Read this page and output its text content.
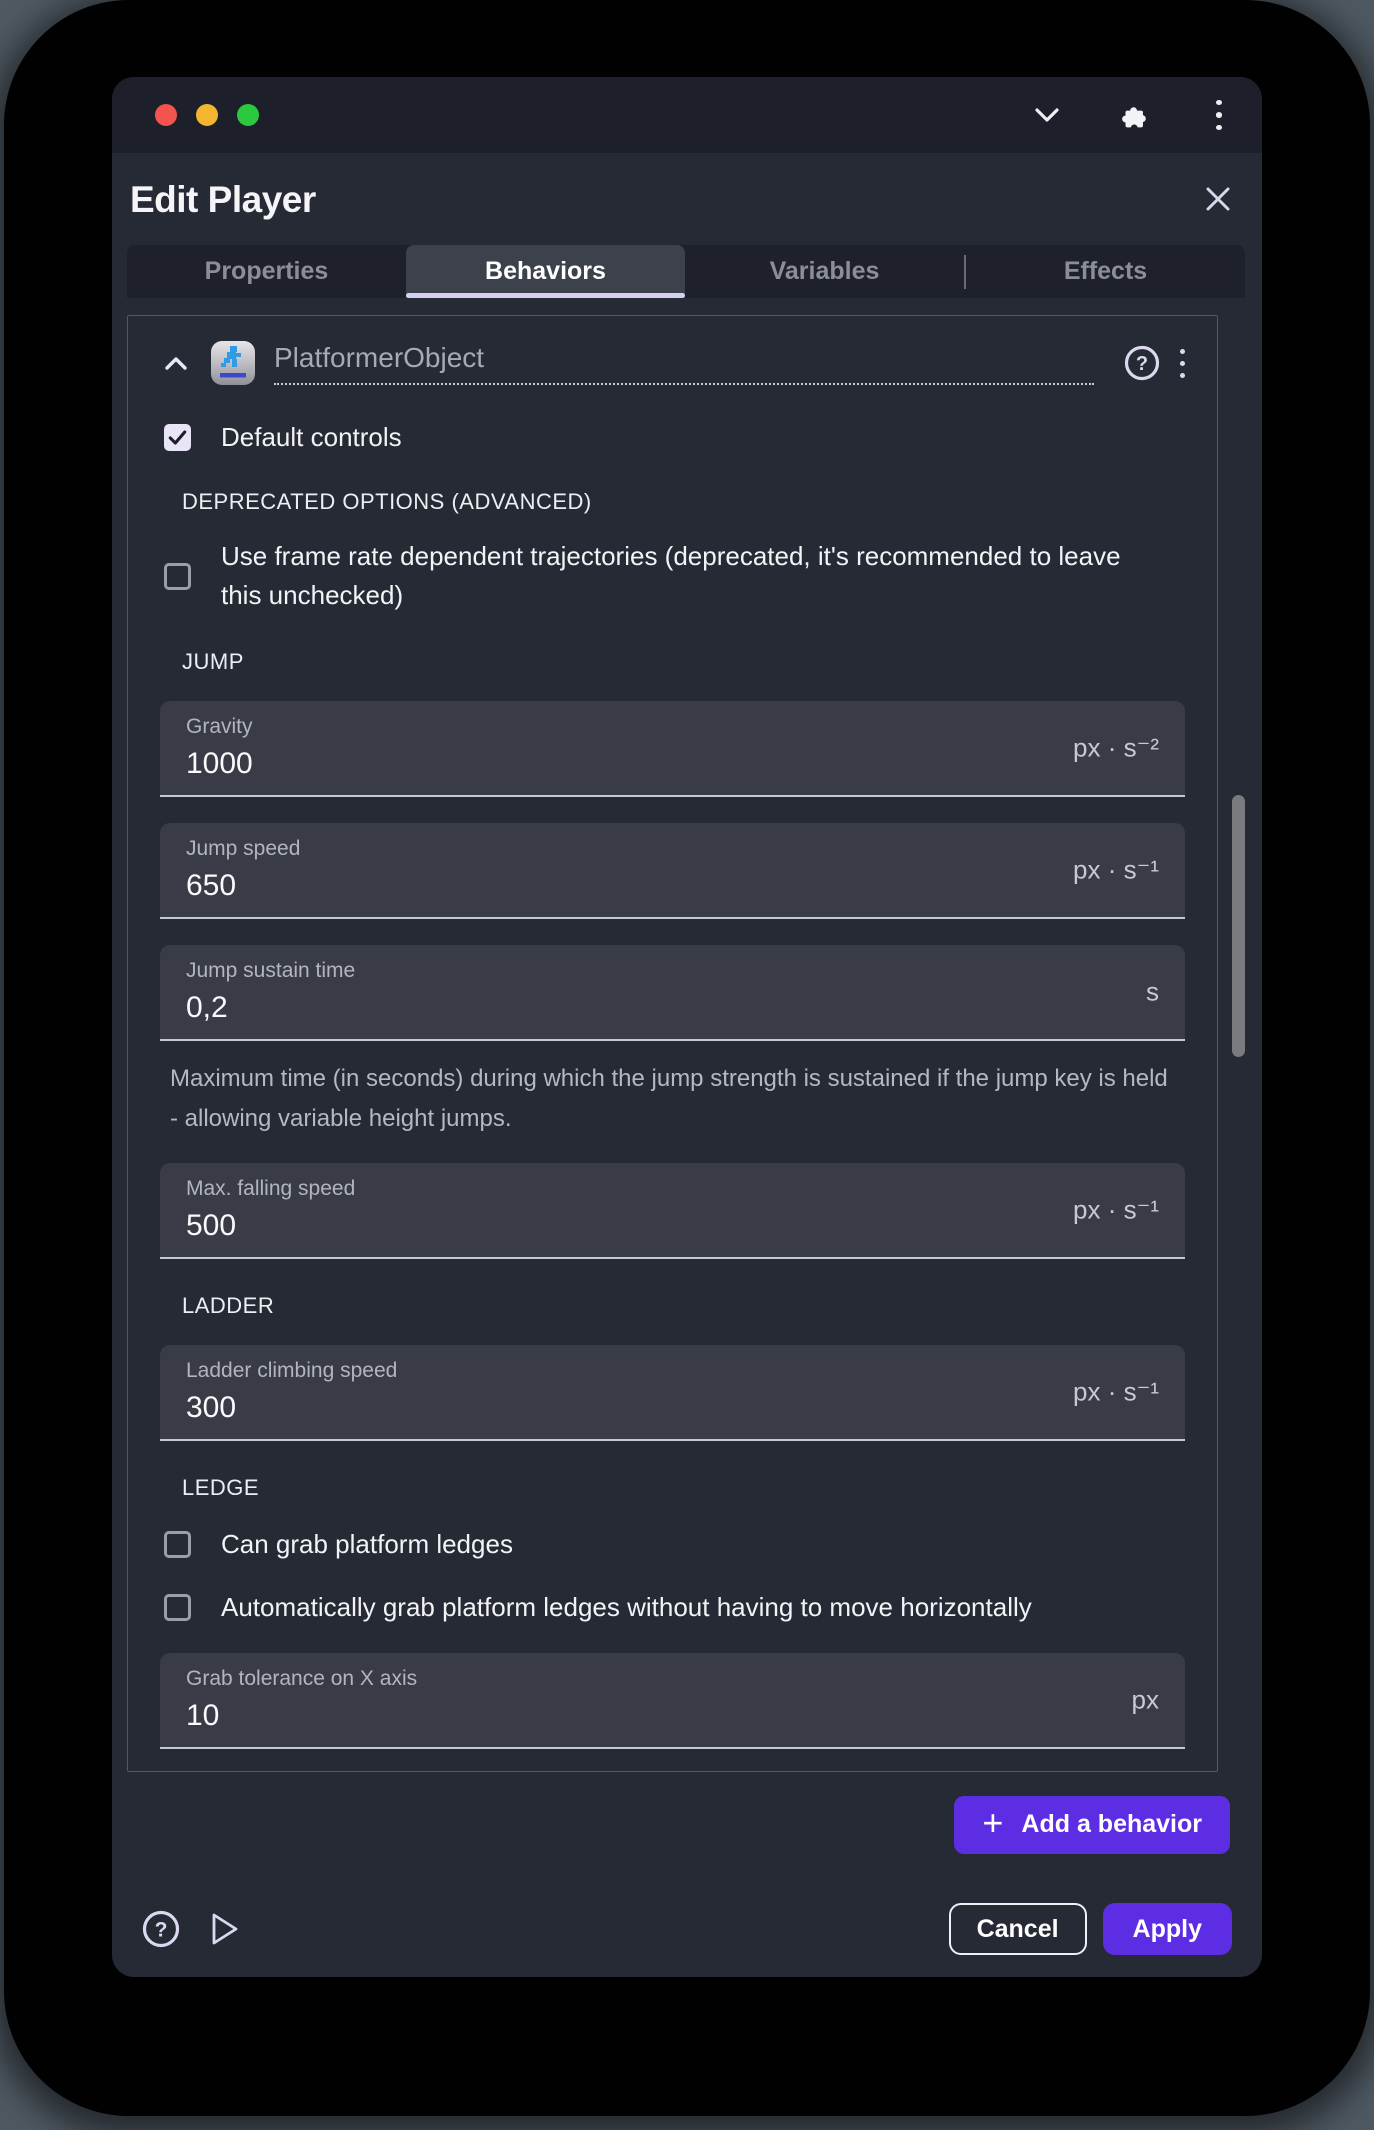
Edit Player
Properties	Behaviors	Variables	Effects
PlatformerObject	?
Default controls
DEPRECATED OPTIONS (ADVANCED)
Use frame rate dependent trajectories (deprecated, it's recommended to leave this unchecked)
JUMP
Gravity
1000	px · s⁻²
Jump speed
650	px · s⁻¹
Jump sustain time
0,2	s
Maximum time (in seconds) during which the jump strength is sustained if the jump key is held - allowing variable height jumps.
Max. falling speed
500	px · s⁻¹
LADDER
Ladder climbing speed
300	px · s⁻¹
LEDGE
Can grab platform ledges
Automatically grab platform ledges without having to move horizontally
Grab tolerance on X axis
10	px
+ Add a behavior
?	Cancel	Apply
